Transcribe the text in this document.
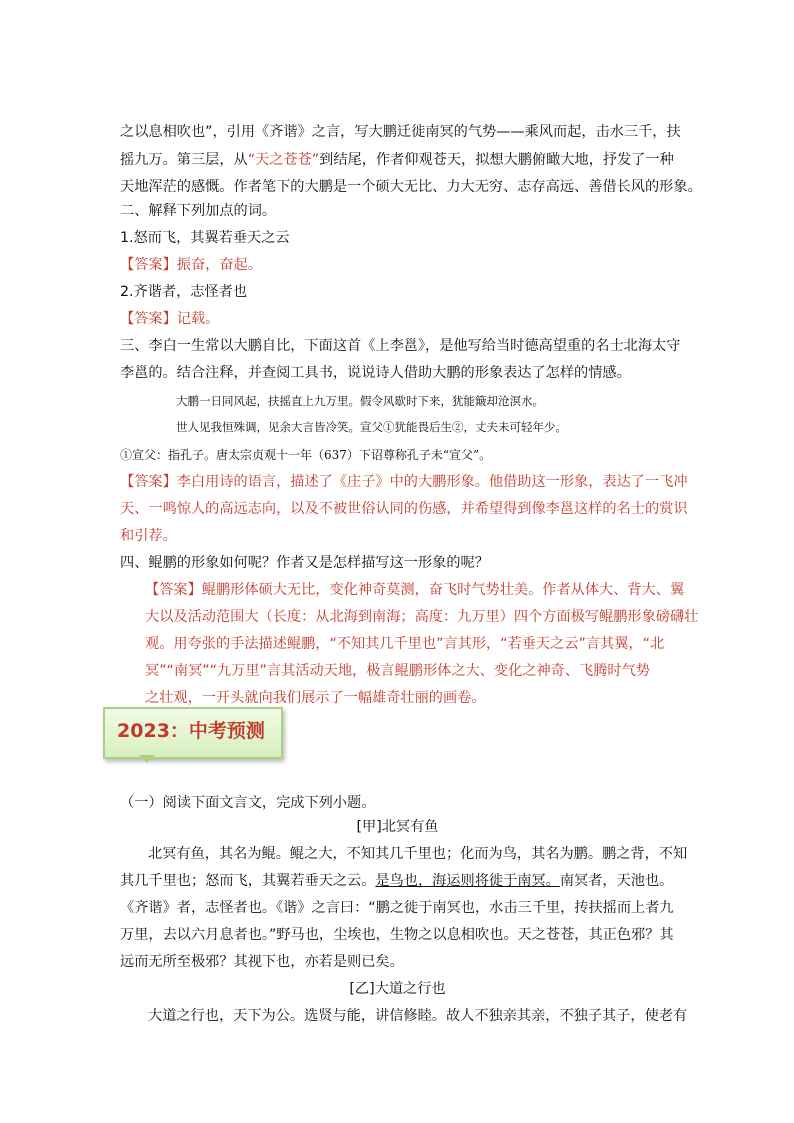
之以息相吹也”，引用《齐谐》之言，写大鹏迁徙南冥的气势——乘风而起，击水三千，扶
摇九万。第三层，从“天之苍苍”到结尾，作者仰观苍天，拟想大鹏俯瞰大地，抒发了一种
天地浑茫的感慨。作者笔下的大鹏是一个硕大无比、力大无穷、志存高远、善借长风的形象。
二、解释下列加点的词。
1.怒而飞，其翼若垂天之云
【答案】振奋，奋起。
2.齐谐者，志怪者也
【答案】记载。
三、李白一生常以大鹏自比，下面这首《上李邕》，是他写给当时德高望重的名士北海太守
李邕的。结合注释，并查阅工具书，说说诗人借助大鹏的形象表达了怎样的情感。
大鹏一日同风起，扶摇直上九万里。假令风歇时下来，犹能簸却沧溟水。
世人见我恒殊调，见余大言皆冷笑。宣父①犹能畏后生②，丈夫未可轻年少。
①宣父：指孔子。唐太宗贞观十一年（637）下诏尊称孔子未“宣父”。
【答案】李白用诗的语言，描述了《庄子》中的大鹏形象。他借助这一形象，表达了一飞冲
天、一鸣惊人的高远志向，以及不被世俗认同的伤感，并希望得到像李邕这样的名士的赏识
和引荐。
四、鲲鹏的形象如何呢？作者又是怎样描写这一形象的呢？
【答案】鲲鹏形体硕大无比，变化神奇莫测，奋飞时气势壮美。作者从体大、背大、翼
大以及活动范围大（长度：从北海到南海；高度：九万里）四个方面极写鲲鹏形象磅礴壮
观。用夸张的手法描述鲲鹏，“不知其几千里也”言其形，“若垂天之云”言其翼，“北
冥”“南冥”“九万里”言其活动天地，极言鲲鹏形体之大、变化之神奇、飞腾时气势
之壮观，一开头就向我们展示了一幅雄奇壮丽的画卷。
2023：中考预测
（一）阅读下面文言文，完成下列小题。
[甲]北冥有鱼
北冥有鱼，其名为鲲。鲲之大，不知其几千里也；化而为鸟，其名为鹏。鹏之背，不知
其几千里也；怒而飞，其翼若垂天之云。是鸟也，海运则将徙于南冥。南冥者，天池也。
《齐谐》者，志怪者也。《谐》之言曰：“鹏之徙于南冥也，水击三千里，抟扶摇而上者九
万里，去以六月息者也。”野马也，尘埃也，生物之以息相吹也。天之苍苍，其正色邪？其
远而无所至极邪？其视下也，亦若是则已矣。
[乙]大道之行也
大道之行也，天下为公。选贤与能，讲信修睦。故人不独亲其亲，不独子其子，使老有
